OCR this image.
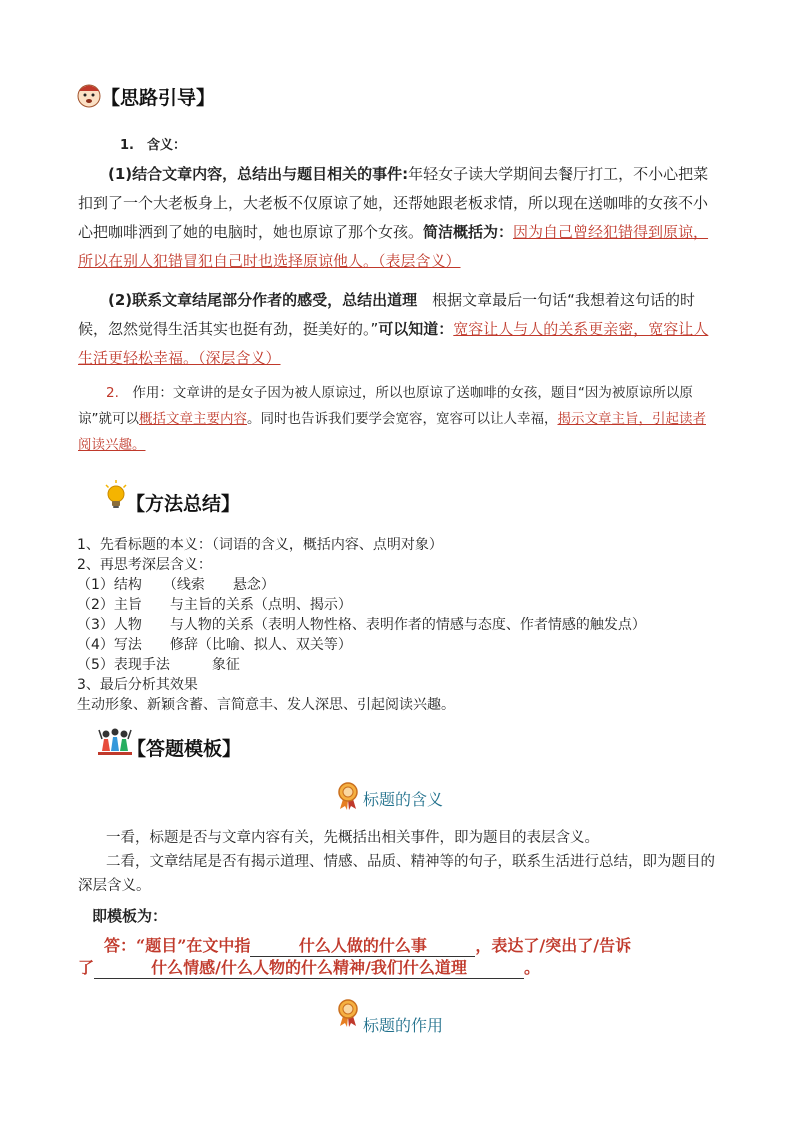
【思路引导】
1.　含义：
(1)结合文章内容，总结出与题目相关的事件:年轻女子读大学期间去餐厅打工，不小心把菜扣到了一个大老板身上，大老板不仅原谅了她，还帮她跟老板求情，所以现在送咖啡的女孩不小心把咖啡洒到了她的电脑时，她也原谅了那个女孩。简洁概括为：因为自己曾经犯错得到原谅，所以在别人犯错冒犯自己时也选择原谅他人。（表层含义）
(2)联系文章结尾部分作者的感受，总结出道理　 根据文章最后一句话“我想着这句话的时候，忽然觉得生活其实也挺有劲，挺美好的。”可以知道：宽容让人与人的关系更亲密，宽容让人生活更轻松幸福。（深层含义）
2.　 作用：文章讲的是女子因为被人原谅过，所以也原谅了送咖啡的女孩，题目“因为被原谅所以原谅”就可以概括文章主要内容。同时也告诉我们要学会宽容，宽容可以让人幸福，揭示文章主旨，引起读者阅读兴趣。
【方法总结】
1、先看标题的本义：（词语的含义，概括内容、点明对象）
2、再思考深层含义：
（1）结构　　（线索　　悬念）
（2）主旨　　与主旨的关系（点明、揭示）
（3）人物　　与人物的关系（表明人物性格、表明作者的情感与态度、作者情感的触发点）
（4）写法　　修辞（比喻、拟人、双关等）
（5）表现手法　　　象征
3、最后分析其效果
生动形象、新颖含蓄、言简意丰、发人深思、引起阅读兴趣。
【答题模板】
标题的含义
一看，标题是否与文章内容有关，先概括出相关事件，即为题目的表层含义。
二看，文章结尾是否有揭示道理、情感、品质、精神等的句子，联系生活进行总结，即为题目的深层含义。
即模板为：
答：“题目”在文中指	什么人做的什么事	，表达了/突出了/告诉
了	什么情感/什么人物的什么精神/我们什么道理	。
标题的作用
